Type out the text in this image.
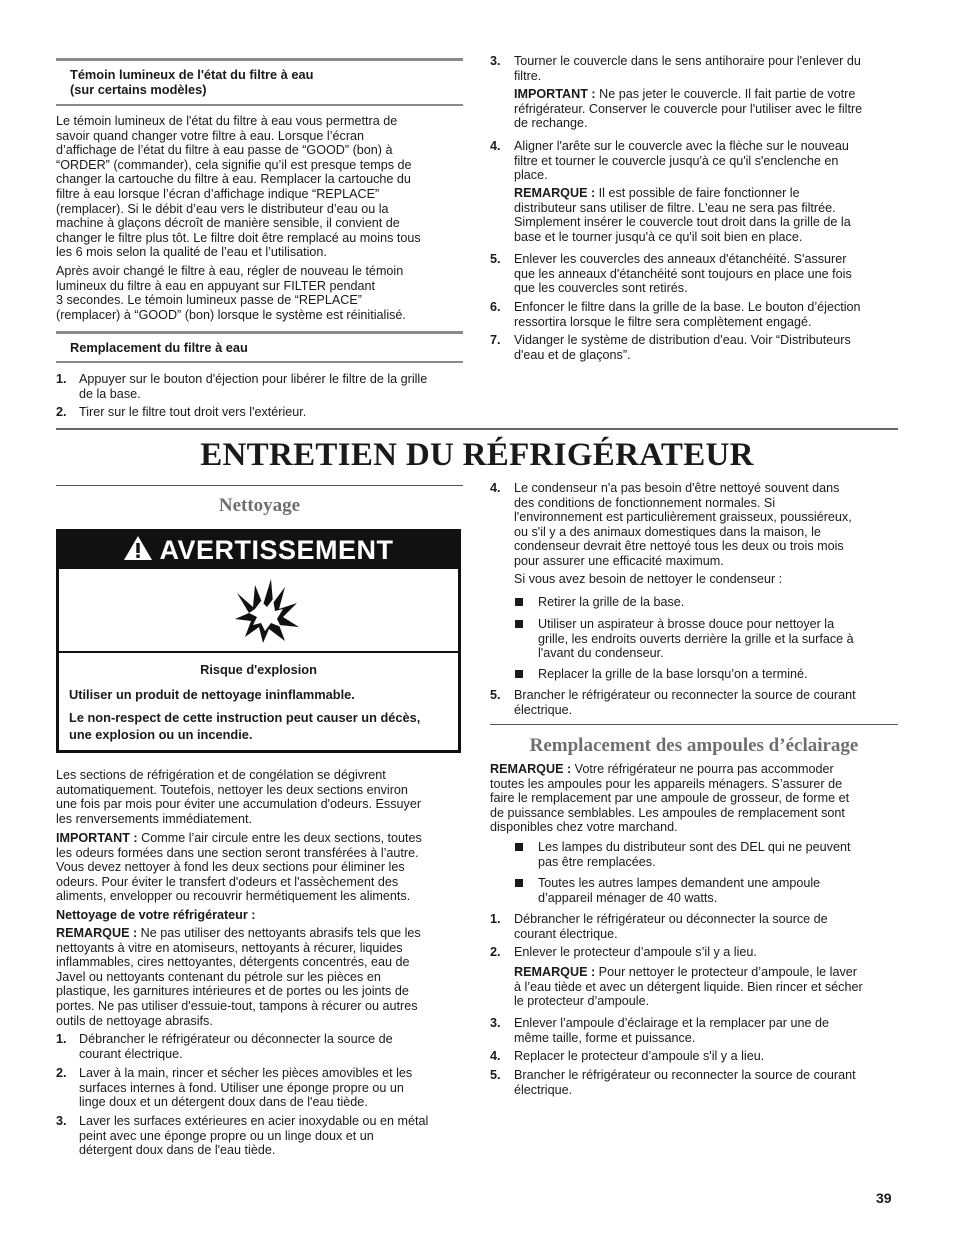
Témoin lumineux de l'état du filtre à eau
(sur certains modèles)
Le témoin lumineux de l'état du filtre à eau vous permettra de
savoir quand changer votre filtre à eau. Lorsque l’écran
d’affichage de l’état du filtre à eau passe de “GOOD” (bon) à
“ORDER” (commander), cela signifie qu’il est presque temps de
changer la cartouche du filtre à eau. Remplacer la cartouche du
filtre à eau lorsque l’écran d’affichage indique “REPLACE”
(remplacer). Si le débit d’eau vers le distributeur d’eau ou la
machine à glaçons décroît de manière sensible, il convient de
changer le filtre plus tôt. Le filtre doit être remplacé au moins tous
les 6 mois selon la qualité de l’eau et l’utilisation.
Après avoir changé le filtre à eau, régler de nouveau le témoin
lumineux du filtre à eau en appuyant sur FILTER pendant
3 secondes. Le témoin lumineux passe de “REPLACE”
(remplacer) à “GOOD” (bon) lorsque le système est réinitialisé.
Remplacement du filtre à eau
1. Appuyer sur le bouton d'éjection pour libérer le filtre de la grille
de la base.
2. Tirer sur le filtre tout droit vers l'extérieur.
3. Tourner le couvercle dans le sens antihoraire pour l'enlever du
filtre.
IMPORTANT : Ne pas jeter le couvercle. Il fait partie de votre
réfrigérateur. Conserver le couvercle pour l'utiliser avec le filtre
de rechange.
4. Aligner l'arête sur le couvercle avec la flèche sur le nouveau
filtre et tourner le couvercle jusqu'à ce qu'il s'enclenche en
place.
REMARQUE : Il est possible de faire fonctionner le
distributeur sans utiliser de filtre. L'eau ne sera pas filtrée.
Simplement insérer le couvercle tout droit dans la grille de la
base et le tourner jusqu'à ce qu'il soit bien en place.
5. Enlever les couvercles des anneaux d'étanchéité. S'assurer
que les anneaux d'étanchéité sont toujours en place une fois
que les couvercles sont retirés.
6. Enfoncer le filtre dans la grille de la base. Le bouton d’éjection
ressortira lorsque le filtre sera complètement engagé.
7. Vidanger le système de distribution d'eau. Voir “Distributeurs
d'eau et de glaçons”.
ENTRETIEN DU RÉFRIGÉRATEUR
Nettoyage
AVERTISSEMENT
Risque d'explosion
Utiliser un produit de nettoyage ininflammable.
Le non-respect de cette instruction peut causer un décès,
une explosion ou un incendie.
Les sections de réfrigération et de congélation se dégivrent
automatiquement. Toutefois, nettoyer les deux sections environ
une fois par mois pour éviter une accumulation d'odeurs. Essuyer
les renversements immédiatement.
IMPORTANT : Comme l’air circule entre les deux sections, toutes
les odeurs formées dans une section seront transférées à l’autre.
Vous devez nettoyer à fond les deux sections pour éliminer les
odeurs. Pour éviter le transfert d'odeurs et l'assèchement des
aliments, envelopper ou recouvrir hermétiquement les aliments.
Nettoyage de votre réfrigérateur :
REMARQUE : Ne pas utiliser des nettoyants abrasifs tels que les
nettoyants à vitre en atomiseurs, nettoyants à récurer, liquides
inflammables, cires nettoyantes, détergents concentrés, eau de
Javel ou nettoyants contenant du pétrole sur les pièces en
plastique, les garnitures intérieures et de portes ou les joints de
portes. Ne pas utiliser d'essuie-tout, tampons à récurer ou autres
outils de nettoyage abrasifs.
1. Débrancher le réfrigérateur ou déconnecter la source de
courant électrique.
2. Laver à la main, rincer et sécher les pièces amovibles et les
surfaces internes à fond. Utiliser une éponge propre ou un
linge doux et un détergent doux dans de l'eau tiède.
3. Laver les surfaces extérieures en acier inoxydable ou en métal
peint avec une éponge propre ou un linge doux et un
détergent doux dans de l'eau tiède.
4. Le condenseur n'a pas besoin d'être nettoyé souvent dans
des conditions de fonctionnement normales. Si
l'environnement est particulièrement graisseux, poussiéreux,
ou s'il y a des animaux domestiques dans la maison, le
condenseur devrait être nettoyé tous les deux ou trois mois
pour assurer une efficacité maximum.
Si vous avez besoin de nettoyer le condenseur :
Retirer la grille de la base.
Utiliser un aspirateur à brosse douce pour nettoyer la
grille, les endroits ouverts derrière la grille et la surface à
l'avant du condenseur.
Replacer la grille de la base lorsqu’on a terminé.
5. Brancher le réfrigérateur ou reconnecter la source de courant
électrique.
Remplacement des ampoules d’éclairage
REMARQUE : Votre réfrigérateur ne pourra pas accommoder
toutes les ampoules pour les appareils ménagers. S’assurer de
faire le remplacement par une ampoule de grosseur, de forme et
de puissance semblables. Les ampoules de remplacement sont
disponibles chez votre marchand.
Les lampes du distributeur sont des DEL qui ne peuvent
pas être remplacées.
Toutes les autres lampes demandent une ampoule
d’appareil ménager de 40 watts.
1. Débrancher le réfrigérateur ou déconnecter la source de
courant électrique.
2. Enlever le protecteur d’ampoule s’il y a lieu.
REMARQUE : Pour nettoyer le protecteur d’ampoule, le laver
à l’eau tiède et avec un détergent liquide. Bien rincer et sécher
le protecteur d’ampoule.
3. Enlever l’ampoule d’éclairage et la remplacer par une de
même taille, forme et puissance.
4. Replacer le protecteur d’ampoule s'il y a lieu.
5. Brancher le réfrigérateur ou reconnecter la source de courant
électrique.
39
